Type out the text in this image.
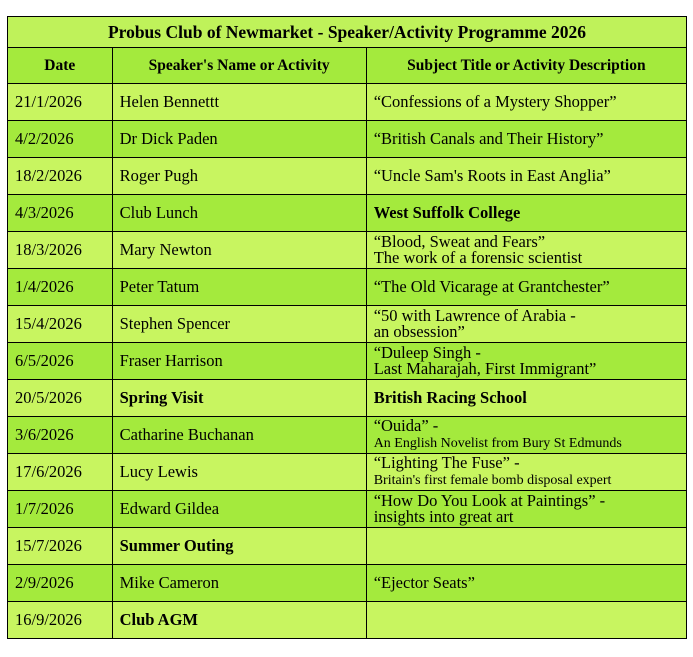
Probus Club of Newmarket - Speaker/Activity Programme 2026		
Date	Speaker's Name or Activity	Subject Title or Activity Description
21/1/2026	Helen Bennettt	“Confessions of a Mystery Shopper”
4/2/2026	Dr Dick Paden	“British Canals and Their History”
18/2/2026	Roger Pugh	“Uncle Sam's Roots in East Anglia”
4/3/2026	Club Lunch	West Suffolk College
18/3/2026	Mary Newton	“Blood, Sweat and Fears”
The work of a forensic scientist
1/4/2026	Peter Tatum	“The Old Vicarage at Grantchester”
15/4/2026	Stephen Spencer	“50 with Lawrence of Arabia -
an obsession”
6/5/2026	Fraser Harrison	“Duleep Singh -
Last Maharajah, First Immigrant”
20/5/2026	Spring Visit	British Racing School
3/6/2026	Catharine Buchanan	“Ouida” -
An English Novelist from Bury St Edmunds
17/6/2026	Lucy Lewis	“Lighting The Fuse” -
Britain's first female bomb disposal expert
1/7/2026	Edward Gildea	“How Do You Look at Paintings” -
insights into great art
15/7/2026	Summer Outing	
2/9/2026	Mike Cameron	“Ejector Seats”
16/9/2026	Club AGM	
